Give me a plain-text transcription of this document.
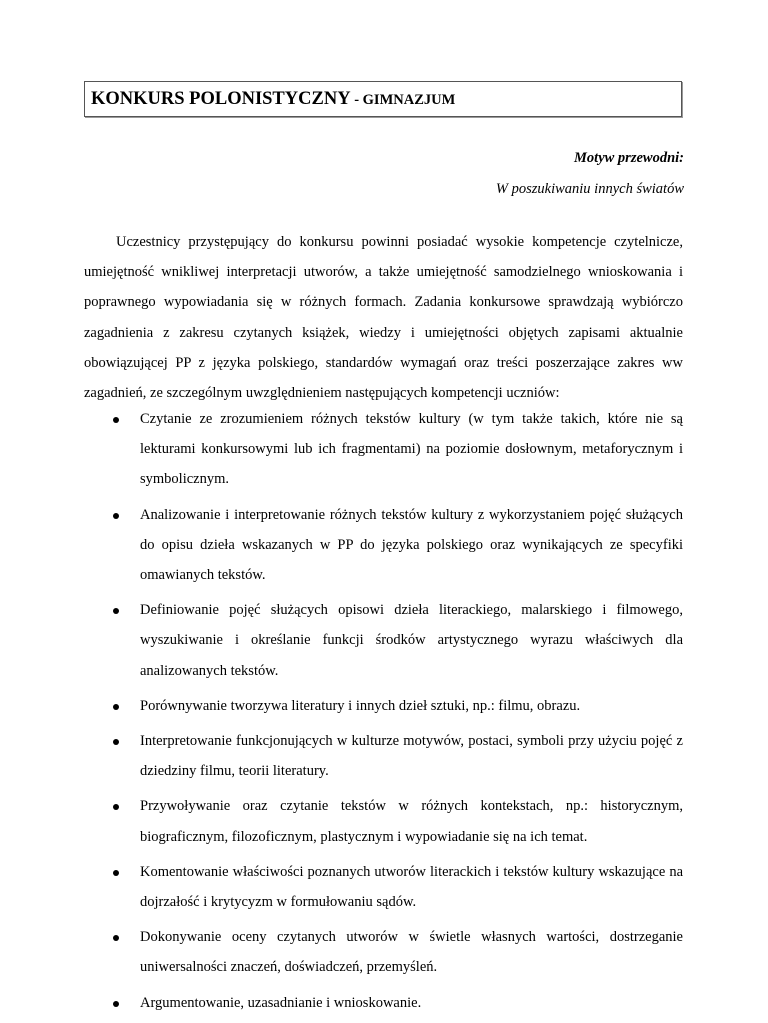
KONKURS POLONISTYCZNY - GIMNAZJUM
Motyw przewodni:
W poszukiwaniu innych światów

Uczestnicy przystępujący do konkursu powinni posiadać wysokie kompetencje czytelnicze, umiejętność wnikliwej interpretacji utworów, a także umiejętność samodzielnego wnioskowania i poprawnego wypowiadania się w różnych formach. Zadania konkursowe sprawdzają wybiórczo zagadnienia z zakresu czytanych książek, wiedzy i umiejętności objętych zapisami aktualnie obowiązującej PP z języka polskiego, standardów wymagań oraz treści poszerzające zakres ww zagadnień, ze szczególnym uwzględnieniem następujących kompetencji uczniów:

Czytanie ze zrozumieniem różnych tekstów kultury (w tym także takich, które nie są lekturami konkursowymi lub ich fragmentami) na poziomie dosłownym, metaforycznym i symbolicznym.
Analizowanie i interpretowanie różnych tekstów kultury z wykorzystaniem pojęć służących do opisu dzieła wskazanych w PP do języka polskiego oraz wynikających ze specyfiki omawianych tekstów.
Definiowanie pojęć służących opisowi dzieła literackiego, malarskiego i filmowego, wyszukiwanie i określanie funkcji środków artystycznego wyrazu właściwych dla analizowanych tekstów.
Porównywanie tworzywa literatury i innych dzieł sztuki, np.: filmu, obrazu.
Interpretowanie funkcjonujących w kulturze motywów, postaci, symboli przy użyciu pojęć z dziedziny filmu, teorii literatury.
Przywoływanie oraz czytanie tekstów w różnych kontekstach, np.: historycznym, biograficznym, filozoficznym, plastycznym i wypowiadanie się na ich temat.
Komentowanie właściwości poznanych utworów literackich i tekstów kultury wskazujące na dojrzałość i krytycyzm w formułowaniu sądów.
Dokonywanie oceny czytanych utworów w świetle własnych wartości, dostrzeganie uniwersalności znaczeń, doświadczeń, przemyśleń.
Argumentowanie, uzasadnianie i wnioskowanie.
